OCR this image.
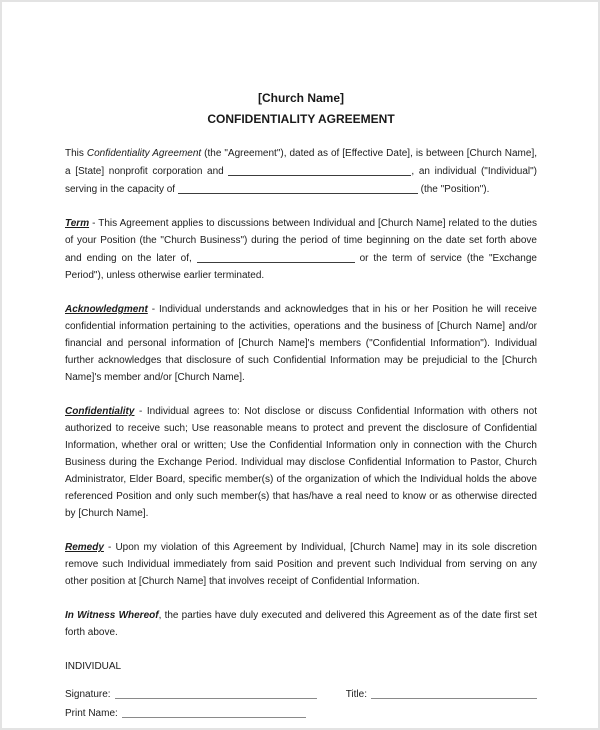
[Church Name]
CONFIDENTIALITY AGREEMENT

This Confidentiality Agreement (the "Agreement"), dated as of [Effective Date], is between [Church Name], a [State] nonprofit corporation and	, an individual ("Individual") serving in the capacity of	(the "Position").

Term - This Agreement applies to discussions between Individual and [Church Name] related to the duties of your Position (the "Church Business") during the period of time beginning on the date set forth above and ending on the later of,	or the term of service (the "Exchange Period"), unless otherwise earlier terminated.

Acknowledgment - Individual understands and acknowledges that in his or her Position he will receive confidential information pertaining to the activities, operations and the business of [Church Name] and/or financial and personal information of [Church Name]'s members ("Confidential Information"). Individual further acknowledges that disclosure of such Confidential Information may be prejudicial to the [Church Name]'s member and/or [Church Name].

Confidentiality - Individual agrees to: Not disclose or discuss Confidential Information with others not authorized to receive such; Use reasonable means to protect and prevent the disclosure of Confidential Information, whether oral or written; Use the Confidential Information only in connection with the Church Business during the Exchange Period. Individual may disclose Confidential Information to Pastor, Church Administrator, Elder Board, specific member(s) of the organization of which the Individual holds the above referenced Position and only such member(s) that has/have a real need to know or as otherwise directed by [Church Name].

Remedy - Upon my violation of this Agreement by Individual, [Church Name] may in its sole discretion remove such Individual immediately from said Position and prevent such Individual from serving on any other position at [Church Name] that involves receipt of Confidential Information.

In Witness Whereof, the parties have duly executed and delivered this Agreement as of the date first set forth above.

INDIVIDUAL
Signature:	Title:
Print Name:
